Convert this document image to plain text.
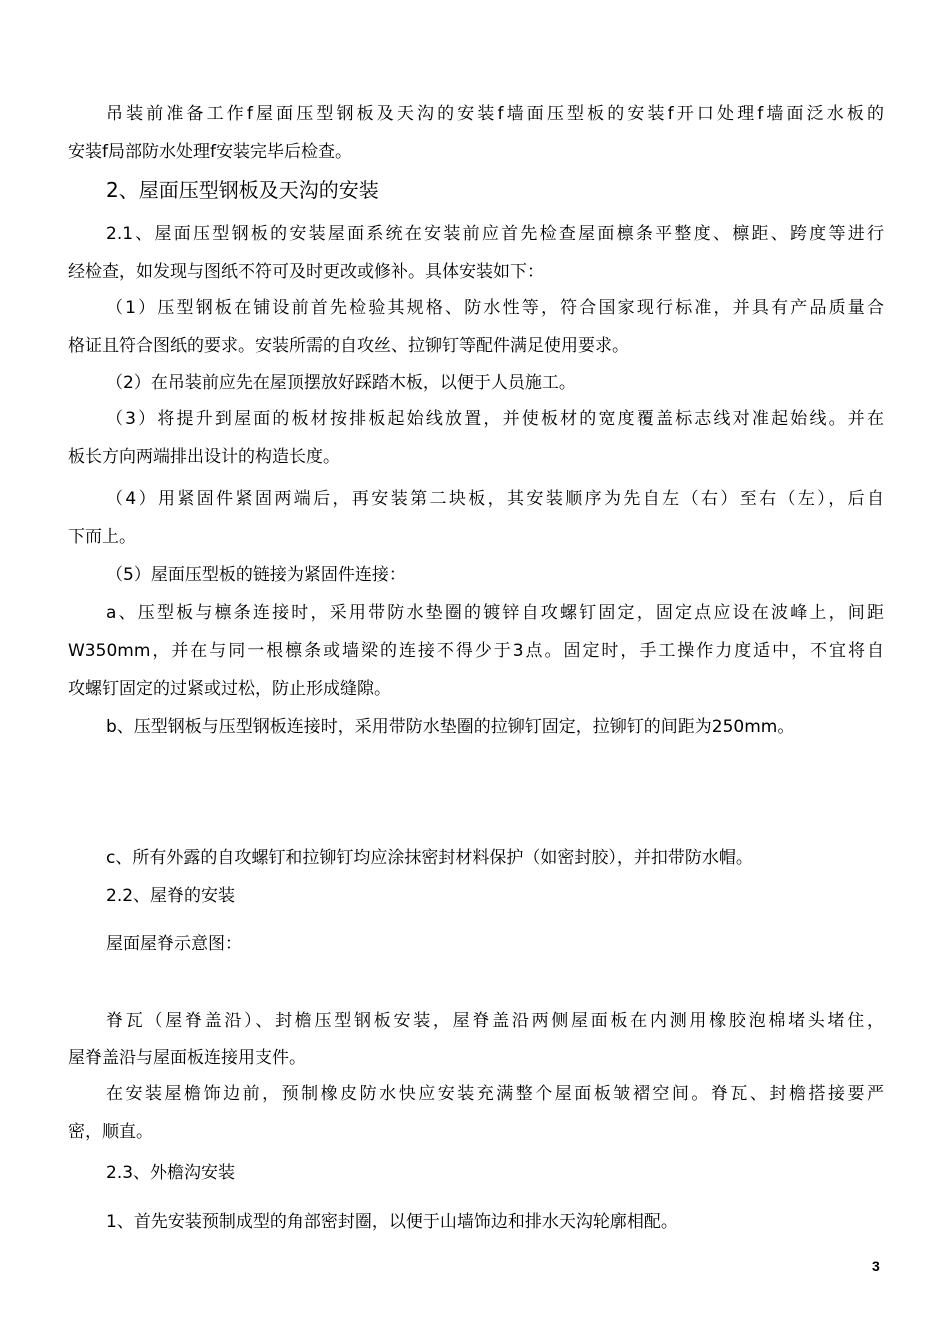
吊装前准备工作f屋面压型钢板及天沟的安装f墙面压型板的安装f开口处理f墙面泛水板的
安装f局部防水处理f安装完毕后检查。
2、屋面压型钢板及天沟的安装
2.1、屋面压型钢板的安装屋面系统在安装前应首先检查屋面檩条平整度、檩距、跨度等进行
经检查，如发现与图纸不符可及时更改或修补。具体安装如下：
（1）压型钢板在铺设前首先检验其规格、防水性等，符合国家现行标准，并具有产品质量合
格证且符合图纸的要求。安装所需的自攻丝、拉铆钉等配件满足使用要求。
（2）在吊装前应先在屋顶摆放好踩踏木板，以便于人员施工。
（3）将提升到屋面的板材按排板起始线放置，并使板材的宽度覆盖标志线对准起始线。并在
板长方向两端排出设计的构造长度。
（4）用紧固件紧固两端后，再安装第二块板，其安装顺序为先自左（右）至右（左），后自
下而上。
（5）屋面压型板的链接为紧固件连接：
a、压型板与檩条连接时，采用带防水垫圈的镀锌自攻螺钉固定，固定点应设在波峰上，间距
W350mm，并在与同一根檩条或墙梁的连接不得少于3点。固定时，手工操作力度适中，不宜将自
攻螺钉固定的过紧或过松，防止形成缝隙。
b、压型钢板与压型钢板连接时，采用带防水垫圈的拉铆钉固定，拉铆钉的间距为250mm。
c、所有外露的自攻螺钉和拉铆钉均应涂抹密封材料保护（如密封胶），并扣带防水帽。
2.2、屋脊的安装
屋面屋脊示意图：
脊瓦（屋脊盖沿）、封檐压型钢板安装，屋脊盖沿两侧屋面板在内测用橡胶泡棉堵头堵住，
屋脊盖沿与屋面板连接用支件。
在安装屋檐饰边前，预制橡皮防水快应安装充满整个屋面板皱褶空间。脊瓦、封檐搭接要严
密，顺直。
2.3、外檐沟安装
1、首先安装预制成型的角部密封圈，以便于山墙饰边和排水天沟轮廓相配。
3
